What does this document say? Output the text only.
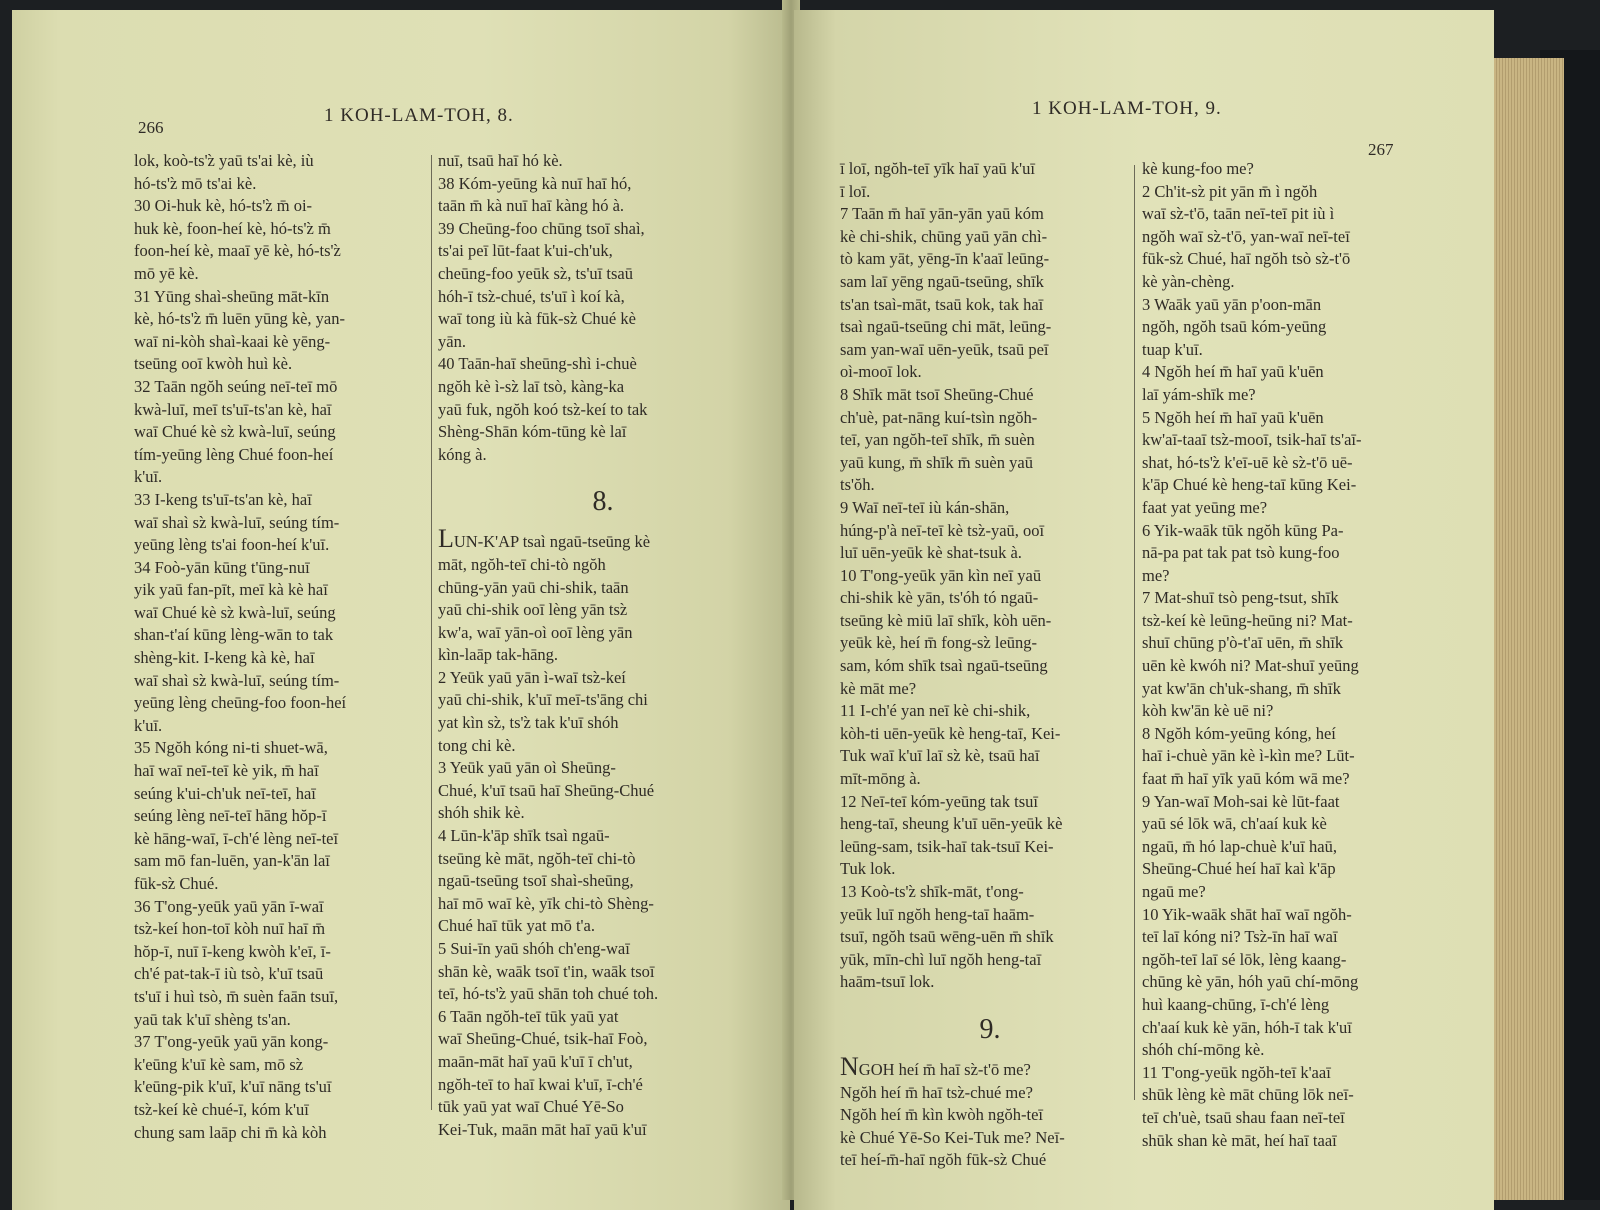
266
1 KOH-LAM-TOH, 8.

lok, koò-ts'z̀ yaū ts'ai kè, iù

hó-ts'z̀ mō ts'ai kè.

30 Oi-huk kè, hó-ts'z̀ m̄ oi-

huk kè, foon-heí kè, hó-ts'z̀ m̄

foon-heí kè, maaī yē kè, hó-ts'z̀

mō yē kè.

31 Yūng shaì-sheūng māt-kīn

kè, hó-ts'z̀ m̄ luēn yūng kè, yan-

waī ni-kòh shaì-kaai kè yēng-

tseūng ooī kwòh huì kè.

32 Taān ngŏh seúng neī-teī mō

kwà-luī, meī ts'uī-ts'an kè, haī

waī Chué kè sz̀ kwà-luī, seúng

tím-yeūng lèng Chué foon-heí

k'uī.

33 I-keng ts'uī-ts'an kè, haī

waī shaì sz̀ kwà-luī, seúng tím-

yeūng lèng ts'ai foon-heí k'uī.

34 Foò-yān kūng t'ūng-nuī

yik yaū fan-pīt, meī kà kè haī

waī Chué kè sz̀ kwà-luī, seúng

shan-t'aí kūng lèng-wān to tak

shèng-kit. I-keng kà kè, haī

waī shaì sz̀ kwà-luī, seúng tím-

yeūng lèng cheūng-foo foon-heí

k'uī.

35 Ngŏh kóng ni-ti shuet-wā,

haī waī neī-teī kè yik, m̄ haī

seúng k'ui-ch'uk neī-teī, haī

seúng lèng neī-teī hāng hŏp-ī

kè hāng-waī, ī-ch'é lèng neī-teī

sam mō fan-luēn, yan-k'ān laī

fūk-sz̀ Chué.

36 T'ong-yeūk yaū yān ī-waī

tsz̀-keí hon-toī kòh nuī haī m̄

hŏp-ī, nuī ī-keng kwòh k'eī, ī-

ch'é pat-tak-ī iù tsò, k'uī tsaū

ts'uī i huì tsò, m̄ suèn faān tsuī,

yaū tak k'uī shèng ts'an.

37 T'ong-yeūk yaū yān kong-

k'eūng k'uī kè sam, mō sz̀

k'eūng-pik k'uī, k'uī nāng ts'uī

tsz̀-keí kè chué-ī, kóm k'uī

chung sam laāp chi m̄ kà kòh

nuī, tsaū haī hó kè.

38 Kóm-yeūng kà nuī haī hó,

taān m̄ kà nuī haī kàng hó à.

39 Cheūng-foo chūng tsoī shaì,

ts'ai peī lūt-faat k'ui-ch'uk,

cheūng-foo yeūk sz̀, ts'uī tsaū

hóh-ī tsz̀-chué, ts'uī ì koí kà,

waī tong iù kà fūk-sz̀ Chué kè

yān.

40 Taān-haī sheūng-shì i-chuè

ngŏh kè ì-sz̀ laī tsò, kàng-ka

yaū fuk, ngŏh koó tsz̀-keí to tak

Shèng-Shān kóm-tūng kè laī

kóng à.

8.

LUN-K'AP tsaì ngaū-tseūng kè

māt, ngŏh-teī chi-tò ngŏh

chūng-yān yaū chi-shik, taān

yaū chi-shik ooī lèng yān tsz̀

kw'a, waī yān-oì ooī lèng yān

kìn-laāp tak-hāng.

2 Yeūk yaū yān ì-waī tsz̀-keí

yaū chi-shik, k'uī meī-ts'āng chi

yat kìn sz̀, ts'z̀ tak k'uī shóh

tong chi kè.

3 Yeūk yaū yān oì Sheūng-

Chué, k'uī tsaū haī Sheūng-Chué

shóh shik kè.

4 Lūn-k'āp shīk tsaì ngaū-

tseūng kè māt, ngŏh-teī chi-tò

ngaū-tseūng tsoī shaì-sheūng,

haī mō waī kè, yīk chi-tò Shèng-

Chué haī tūk yat mō t'a.

5 Sui-īn yaū shóh ch'eng-waī

shān kè, waāk tsoī t'in, waāk tsoī

teī, hó-ts'z̀ yaū shān toh chué toh.

6 Taān ngŏh-teī tūk yaū yat

waī Sheūng-Chué, tsik-haī Foò,

maān-māt haī yaū k'uī ī ch'ut,

ngŏh-teī to haī kwai k'uī, ī-ch'é

tūk yaū yat waī Chué Yē-So

Kei-Tuk, maān māt haī yaū k'uī

1 KOH-LAM-TOH, 9.
267

ī loī, ngŏh-teī yīk haī yaū k'uī

ī loī.

7 Taān m̄ haī yān-yān yaū kóm

kè chi-shik, chūng yaū yān chì-

tò kam yāt, yēng-īn k'aaī leūng-

sam laī yēng ngaū-tseūng, shīk

ts'an tsaì-māt, tsaū kok, tak haī

tsaì ngaū-tseūng chi māt, leūng-

sam yan-waī uēn-yeūk, tsaū peī

oì-mooī lok.

8 Shīk māt tsoī Sheūng-Chué

ch'uè, pat-nāng kuí-tsìn ngŏh-

teī, yan ngŏh-teī shīk, m̄ suèn

yaū kung, m̄ shīk m̄ suèn yaū

ts'ŏh.

9 Waī neī-teī iù kán-shān,

húng-p'à neī-teī kè tsz̀-yaū, ooī

luī uēn-yeūk kè shat-tsuk à.

10 T'ong-yeūk yān kìn neī yaū

chi-shik kè yān, ts'óh tó ngaū-

tseūng kè miū laī shīk, kòh uēn-

yeūk kè, heí m̄ fong-sz̀ leūng-

sam, kóm shīk tsaì ngaū-tseūng

kè māt me?

11 I-ch'é yan neī kè chi-shik,

kòh-ti uēn-yeūk kè heng-taī, Kei-

Tuk waī k'uī laī sz̀ kè, tsaū haī

mīt-mōng à.

12 Neī-teī kóm-yeūng tak tsuī

heng-taī, sheung k'uī uēn-yeūk kè

leūng-sam, tsik-haī tak-tsuī Kei-

Tuk lok.

13 Koò-ts'z̀ shīk-māt, t'ong-

yeūk luī ngŏh heng-taī haām-

tsuī, ngŏh tsaū wēng-uēn m̄ shīk

yūk, mīn-chì luī ngŏh heng-taī

haām-tsuī lok.

9.

NGOH heí m̄ haī sz̀-t'ō me?

Ngŏh heí m̄ haī tsz̀-chué me?

Ngŏh heí m̄ kìn kwòh ngŏh-teī

kè Chué Yē-So Kei-Tuk me? Neī-

teī heí-m̄-haī ngŏh fūk-sz̀ Chué

kè kung-foo me?

2 Ch'it-sz̀ pit yān m̄ ì ngŏh

waī sz̀-t'ō, taān neī-teī pit iù ì

ngŏh waī sz̀-t'ō, yan-waī neī-teī

fūk-sz̀ Chué, haī ngŏh tsò sz̀-t'ō

kè yàn-chèng.

3 Waāk yaū yān p'oon-mān

ngŏh, ngŏh tsaū kóm-yeūng

tuap k'uī.

4 Ngŏh heí m̄ haī yaū k'uēn

laī yám-shīk me?

5 Ngŏh heí m̄ haī yaū k'uēn

kw'aī-taaī tsz̀-mooī, tsik-haī ts'aī-

shat, hó-ts'z̀ k'eī-uē kè sz̀-t'ō uē-

k'āp Chué kè heng-taī kūng Kei-

faat yat yeūng me?

6 Yik-waāk tūk ngŏh kūng Pa-

nā-pa pat tak pat tsò kung-foo

me?

7 Mat-shuī tsò peng-tsut, shīk

tsz̀-keí kè leūng-heūng ni? Mat-

shuī chūng p'ò-t'aī uēn, m̄ shīk

uēn kè kwóh ni? Mat-shuī yeūng

yat kw'ān ch'uk-shang, m̄ shīk

kòh kw'ān kè uē ni?

8 Ngŏh kóm-yeūng kóng, heí

haī i-chuè yān kè ì-kìn me? Lūt-

faat m̄ haī yīk yaū kóm wā me?

9 Yan-waī Moh-sai kè lūt-faat

yaū sé lōk wā, ch'aaí kuk kè

ngaū, m̄ hó lap-chuè k'uī haū,

Sheūng-Chué heí haī kaì k'āp

ngaū me?

10 Yik-waāk shāt haī waī ngŏh-

teī laī kóng ni? Tsz̀-īn haī waī

ngŏh-teī laī sé lōk, lèng kaang-

chūng kè yān, hóh yaū chí-mōng

huì kaang-chūng, ī-ch'é lèng

ch'aaí kuk kè yān, hóh-ī tak k'uī

shóh chí-mōng kè.

11 T'ong-yeūk ngŏh-teī k'aaī

shūk lèng kè māt chūng lōk neī-

teī ch'uè, tsaū shau faan neī-teī

shūk shan kè māt, heí haī taaī
